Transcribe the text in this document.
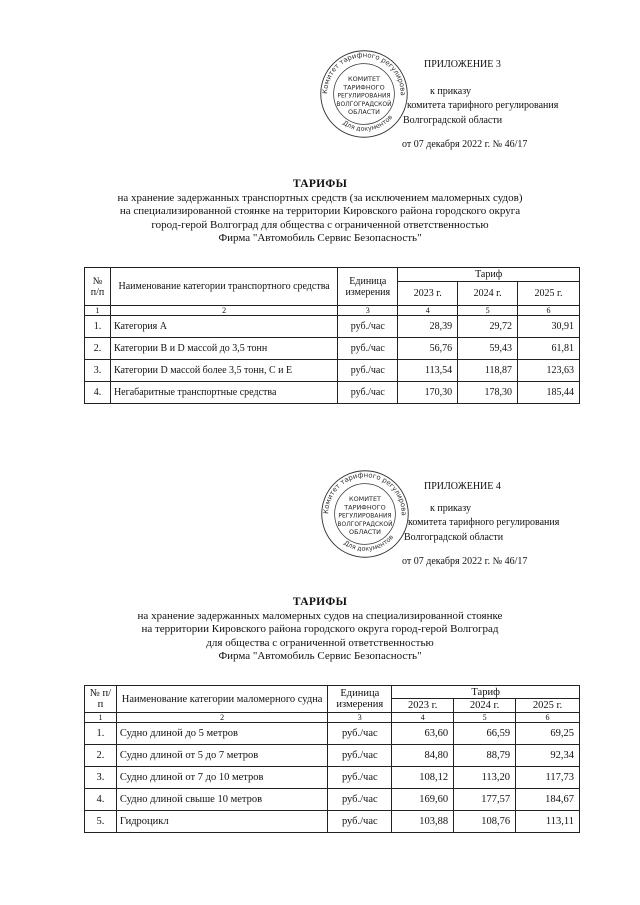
Комитет тарифного регулирова
Для документов
КОМИТЕТ
ТАРИФНОГО
РЕГУЛИРОВАНИЯ
ВОЛГОГРАДСКОЙ
ОБЛАСТИ
ПРИЛОЖЕНИЕ 3
к приказу
комитета тарифного регулирования
Волгоградской области
от 07 декабря 2022 г. № 46/17
ТАРИФЫ
на хранение задержанных транспортных средств (за исключением маломерных судов)
на специализированной стоянке на территории Кировского района городского округа
город-герой Волгоград для общества с ограниченной ответственностью
Фирма "Автомобиль Сервис Безопасность"
№ п/п	Наименование категории транспортного средства	Единица измерения	Тариф		
			2023 г.	2024 г.	2025 г.
1	2	3	4	5	6
1.	Категория А	руб./час	28,39	29,72	30,91
2.	Категории В и D массой до 3,5 тонн	руб./час	56,76	59,43	61,81
3.	Категории D массой более 3,5 тонн, С и Е	руб./час	113,54	118,87	123,63
4.	Негабаритные транспортные средства	руб./час	170,30	178,30	185,44
Комитет тарифного регулирова
Для документов
КОМИТЕТ
ТАРИФНОГО
РЕГУЛИРОВАНИЯ
ВОЛГОГРАДСКОЙ
ОБЛАСТИ
ПРИЛОЖЕНИЕ 4
к приказу
комитета тарифного регулирования
Волгоградской области
от 07 декабря 2022 г. № 46/17
ТАРИФЫ
на хранение задержанных маломерных судов на специализированной стоянке
на территории Кировского района городского округа город-герой Волгоград
для общества с ограниченной ответственностью
Фирма "Автомобиль Сервис Безопасность"
№ п/п	Наименование категории маломерного судна	Единица измерения	Тариф		
			2023 г.	2024 г.	2025 г.
1	2	3	4	5	6
1.	Судно длиной до 5 метров	руб./час	63,60	66,59	69,25
2.	Судно длиной от 5 до 7 метров	руб./час	84,80	88,79	92,34
3.	Судно длиной от 7 до 10 метров	руб./час	108,12	113,20	117,73
4.	Судно длиной свыше 10 метров	руб./час	169,60	177,57	184,67
5.	Гидроцикл	руб./час	103,88	108,76	113,11
